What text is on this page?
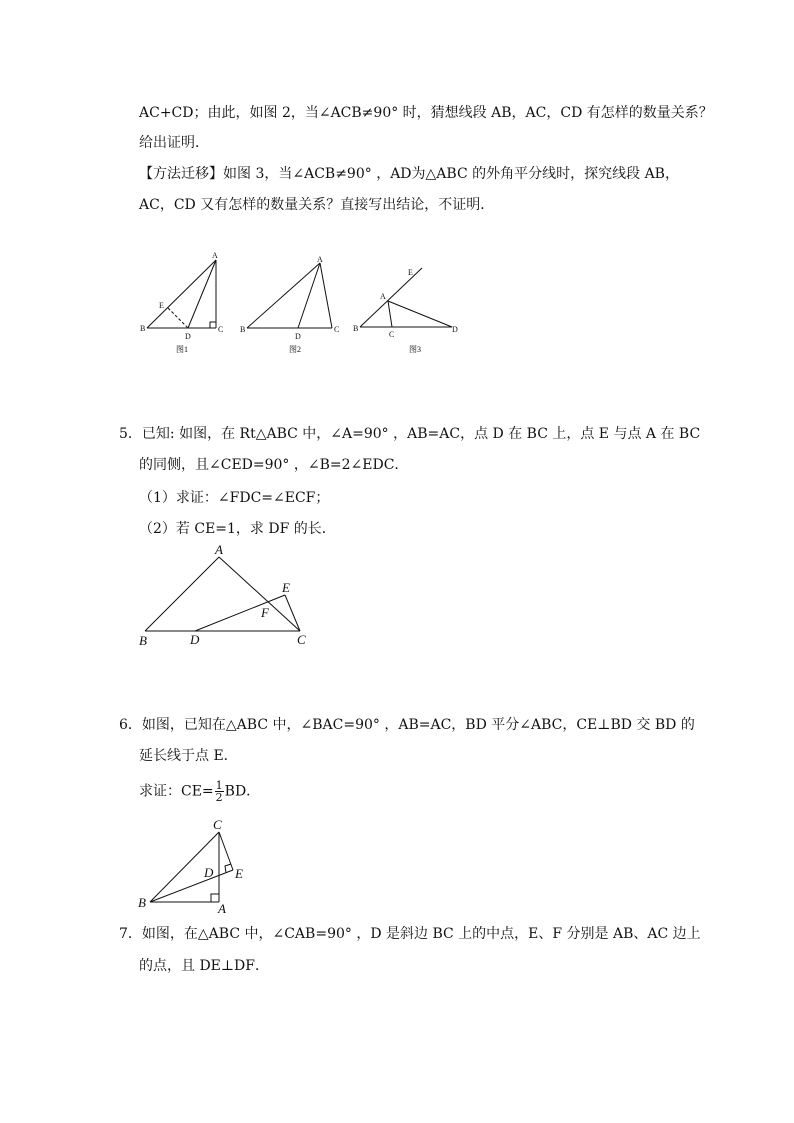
AC+CD；由此，如图 2，当∠ACB≠90° 时，猜想线段 AB，AC，CD 有怎样的数量关系？
给出证明．
【方法迁移】如图 3，当∠ACB≠90° ，AD为△ABC 的外角平分线时，探究线段 AB，
AC，CD 又有怎样的数量关系？直接写出结论，不证明．
A
B	C
D
E
图1
A
B	C
D
图2
A
B
C
D
E
图3
5．已知: 如图，在 Rt△ABC 中，∠A=90° ，AB=AC，点 D 在 BC 上，点 E 与点 A 在 BC
的同侧，且∠CED=90° ，∠B=2∠EDC．
（1）求证：∠FDC=∠ECF；
（2）若 CE=1，求 DF 的长．
A
B	C
D
E
F
6．如图，已知在△ABC 中，∠BAC=90° ，AB=AC，BD 平分∠ABC，CE⊥BD 交 BD 的
延长线于点 E．
求证：$CE= \frac{1}{2}$ BD．
C
B	A
D E
7．如图，在△ABC 中，∠CAB=90° ，D 是斜边 BC 上的中点，E、F 分别是 AB、AC 边上
的点，且 DE⊥DF．
